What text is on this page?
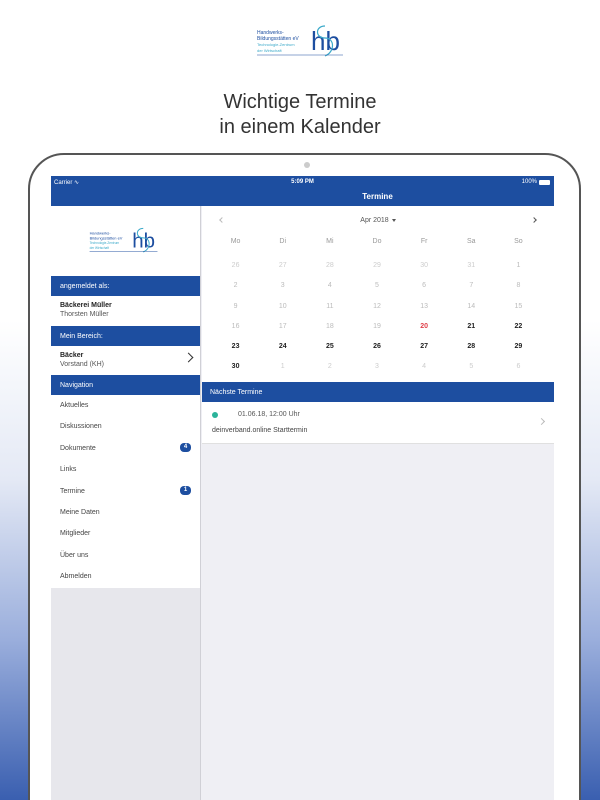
Handwerks-
Bildungsstätten eV
Technologie-Zentrum
der Wirtschaft hb
Wichtige Termine
in einem Kalender
Carrier ∿	5:09 PM	100%
Termine
Handwerks-
Bildungsstätten eV
Technologie-Zentrum
der Wirtschaft hb
angemeldet als:
Bäckerei Müller
Thorsten Müller
Mein Bereich:
Bäcker
Vorstand (KH)
Navigation
Aktuelles
Diskussionen
Dokumente	4
Links
Termine	1
Meine Daten
Mitglieder
Über uns
Abmelden
Apr 2018
Mo	Di	Mi	Do	Fr	Sa	So
26	27	28	29	30	31	1
2	3	4	5	6	7	8
9	10	11	12	13	14	15
16	17	18	19	20	21	22
23	24	25	26	27	28	29
30	1	2	3	4	5	6
Nächste Termine
01.06.18, 12:00 Uhr
deinverband.online Starttermin
